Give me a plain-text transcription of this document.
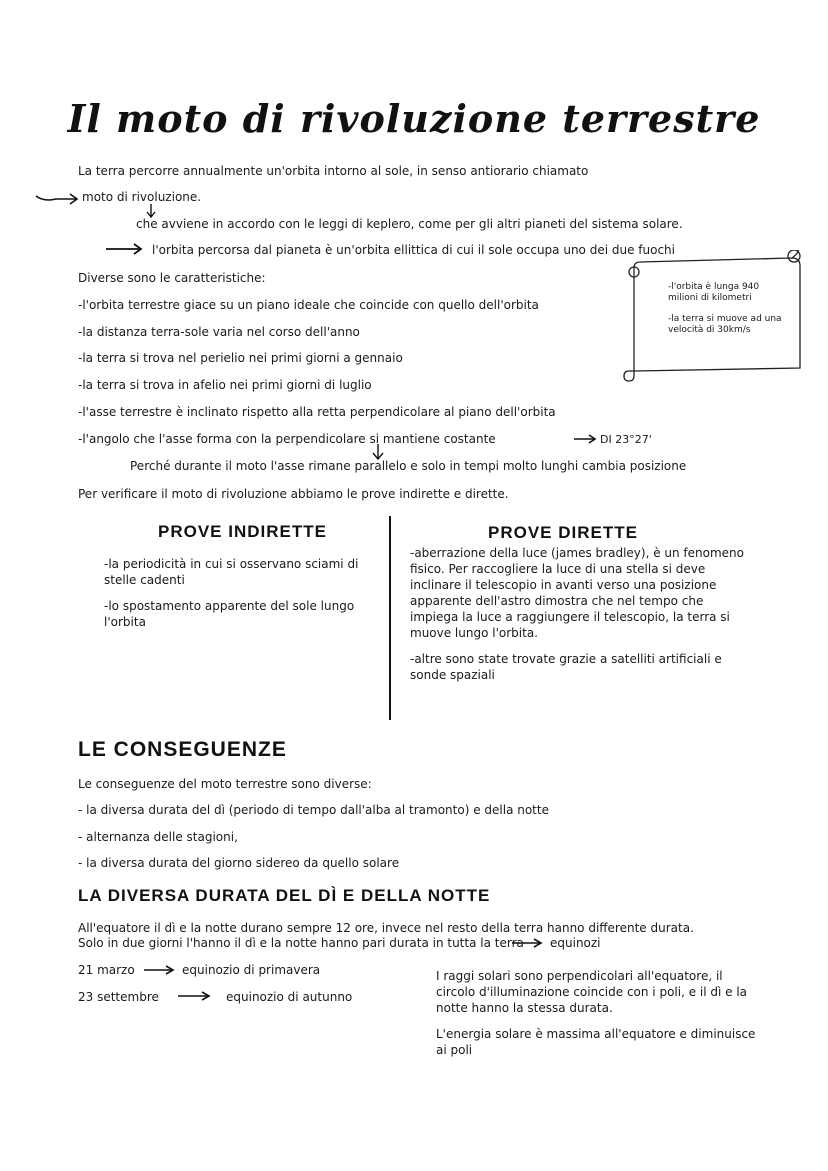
Il moto di rivoluzione terrestre
La terra percorre annualmente un'orbita intorno al sole, in senso antiorario chiamato
moto di rivoluzione.
che avviene in accordo con le leggi di keplero, come per gli altri pianeti del sistema solare.
l'orbita percorsa dal pianeta è un'orbita ellittica di cui il sole occupa uno dei due fuochi
Diverse sono le caratteristiche:
-l'orbita terrestre giace su un piano ideale che coincide con quello dell'orbita
-la distanza terra-sole varia nel corso dell'anno
-la terra si trova nel perielio nei primi giorni a gennaio
-la terra si trova in afelio nei primi giorni di luglio
-l'asse terrestre è inclinato rispetto alla retta perpendicolare al piano dell'orbita
-l'angolo che l'asse forma con la perpendicolare si mantiene costante	DI 23°27'
Perché durante il moto l'asse rimane parallelo e solo in tempi molto lunghi cambia posizione
Per verificare il moto di rivoluzione abbiamo le prove indirette e dirette.

-l'orbita è lunga 940 milioni di kilometri

-la terra si muove ad una velocità di 30km/s

PROVE INDIRETTE

-la periodicità in cui si osservano sciami di stelle cadenti

-lo spostamento apparente del sole lungo l'orbita

PROVE DIRETTE

-aberrazione della luce (james bradley), è un fenomeno fisico. Per raccogliere la luce di una stella si deve inclinare il telescopio in avanti verso una posizione apparente dell'astro dimostra che nel tempo che impiega la luce a raggiungere il telescopio, la terra si muove lungo l'orbita.

-altre sono state trovate grazie a satelliti artificiali e sonde spaziali

LE CONSEGUENZE
Le conseguenze del moto terrestre sono diverse:
- la diversa durata del dì (periodo di tempo dall'alba al tramonto) e della notte
- alternanza delle stagioni,
- la diversa durata del giorno sidereo da quello solare
LA DIVERSA DURATA DEL DÌ E DELLA NOTTE
All'equatore il dì e la notte durano sempre 12 ore, invece nel resto della terra hanno differente durata.
Solo in due giorni l'hanno il dì e la notte hanno pari durata in tutta la terra equinozi
21 marzo	equinozio di primavera
23 settembre	equinozio di autunno

I raggi solari sono perpendicolari all'equatore, il circolo d'illuminazione coincide con i poli, e il dì e la notte hanno la stessa durata.

L'energia solare è massima all'equatore e diminuisce ai poli
